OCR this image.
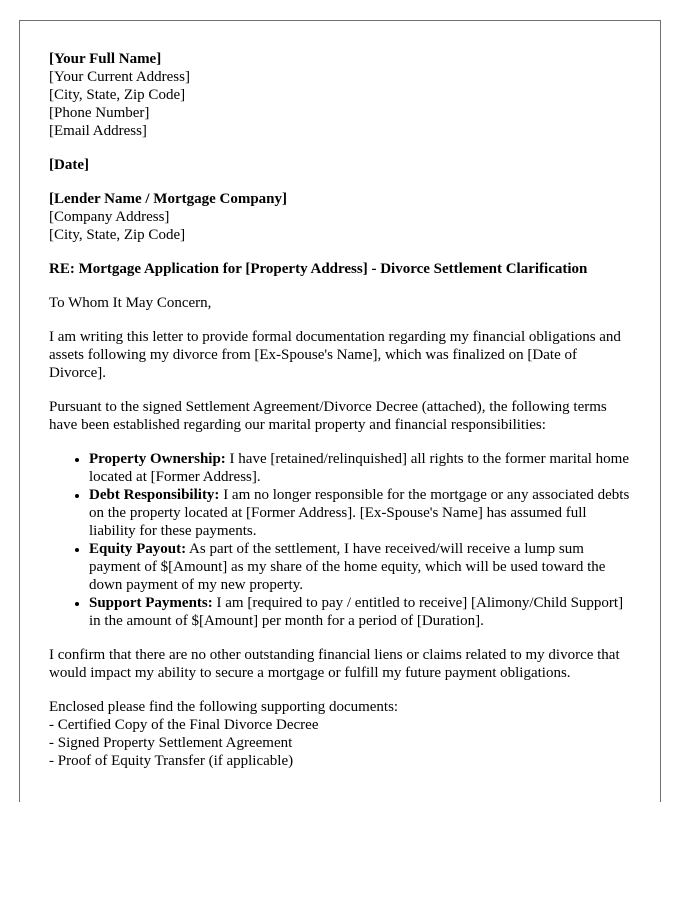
[Your Full Name]
[Your Current Address]
[City, State, Zip Code]
[Phone Number]
[Email Address]

[Date]

[Lender Name / Mortgage Company]
[Company Address]
[City, State, Zip Code]

RE: Mortgage Application for [Property Address] - Divorce Settlement Clarification

To Whom It May Concern,

I am writing this letter to provide formal documentation regarding my financial obligations and assets following my divorce from [Ex-Spouse's Name], which was finalized on [Date of Divorce].

Pursuant to the signed Settlement Agreement/Divorce Decree (attached), the following terms have been established regarding our marital property and financial responsibilities:

• Property Ownership: I have [retained/relinquished] all rights to the former marital home located at [Former Address].
• Debt Responsibility: I am no longer responsible for the mortgage or any associated debts on the property located at [Former Address]. [Ex-Spouse's Name] has assumed full liability for these payments.
• Equity Payout: As part of the settlement, I have received/will receive a lump sum payment of $[Amount] as my share of the home equity, which will be used toward the down payment of my new property.
• Support Payments: I am [required to pay / entitled to receive] [Alimony/Child Support] in the amount of $[Amount] per month for a period of [Duration].

I confirm that there are no other outstanding financial liens or claims related to my divorce that would impact my ability to secure a mortgage or fulfill my future payment obligations.

Enclosed please find the following supporting documents:
- Certified Copy of the Final Divorce Decree
- Signed Property Settlement Agreement
- Proof of Equity Transfer (if applicable)
